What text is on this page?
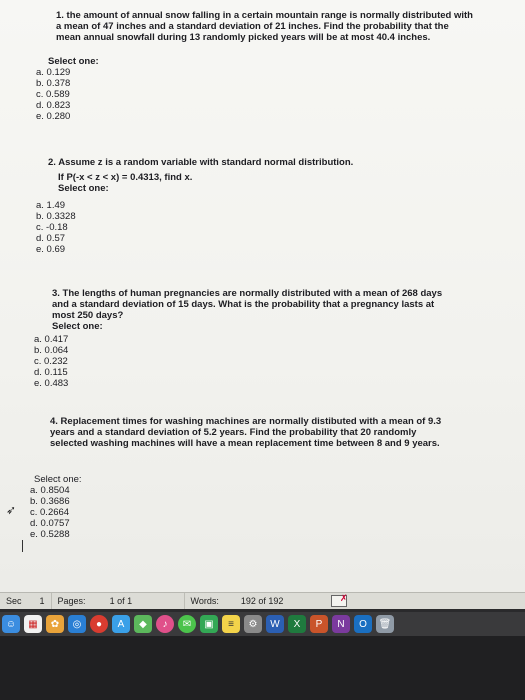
1. the amount of annual snow falling in a certain mountain range is normally distributed with
a mean of 47 inches and a standard deviation of 21 inches. Find the probability that the
mean annual snowfall during 13 randomly picked years will be at most 40.4 inches.
Select one:
a. 0.129
b. 0.378
c. 0.589
d. 0.823
e. 0.280
2. Assume z is a random variable with standard normal distribution.
If P(-x < z < x) = 0.4313, find x.
Select one:
a. 1.49
b. 0.3328
c. -0.18
d. 0.57
e. 0.69
3. The lengths of human pregnancies are normally distributed with a mean of 268 days
and a standard deviation of 15 days. What is the probability that a pregnancy lasts at
most 250 days?
Select one:
a. 0.417
b. 0.064
c. 0.232
d. 0.115
e. 0.483
4. Replacement times for washing machines are normally distibuted with a mean of 9.3
years and a standard deviation of 5.2 years. Find the probability that 20 randomly
selected washing machines will have a mean replacement time between 8 and 9 years.
Select one:
a. 0.8504
b. 0.3686
c. 0.2664
d. 0.0757
e. 0.5288
➶
Sec 1 Pages:	1 of 1	Words: 192 of 192	✗
☺	▦	✿	◎	●	A	◆	♪	✉	▣	≡	⚙	W	X	P	N	O	🗑
